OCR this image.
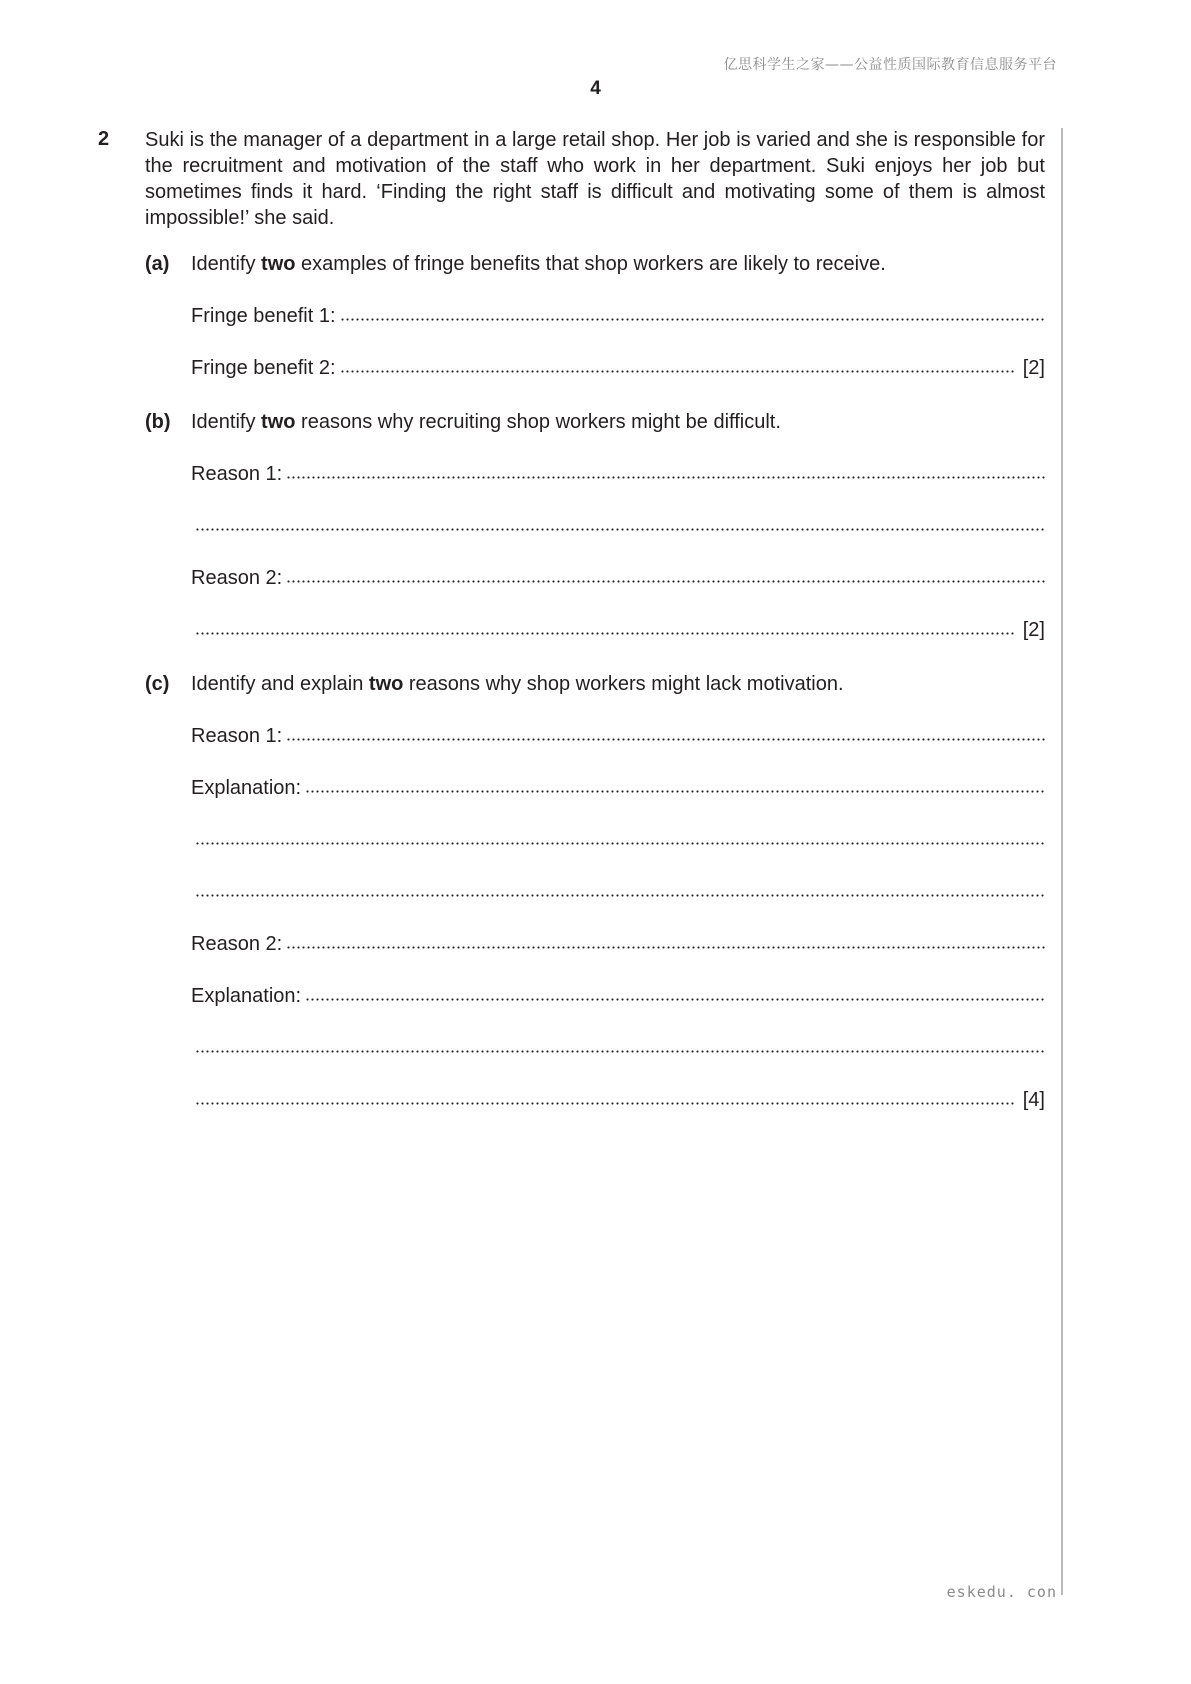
亿思科学生之家——公益性质国际教育信息服务平台
4
2 Suki is the manager of a department in a large retail shop. Her job is varied and she is responsible for the recruitment and motivation of the staff who work in her department. Suki enjoys her job but sometimes finds it hard. ‘Finding the right staff is difficult and motivating some of them is almost impossible!’ she said.

(a) Identify two examples of fringe benefits that shop workers are likely to receive.
Fringe benefit 1:
Fringe benefit 2:	[2]
(b) Identify two reasons why recruiting shop workers might be difficult.
Reason 1:
Reason 2:
[2]
(c) Identify and explain two reasons why shop workers might lack motivation.
Reason 1:
Explanation:
Reason 2:
Explanation:
[4]
eskedu. con
